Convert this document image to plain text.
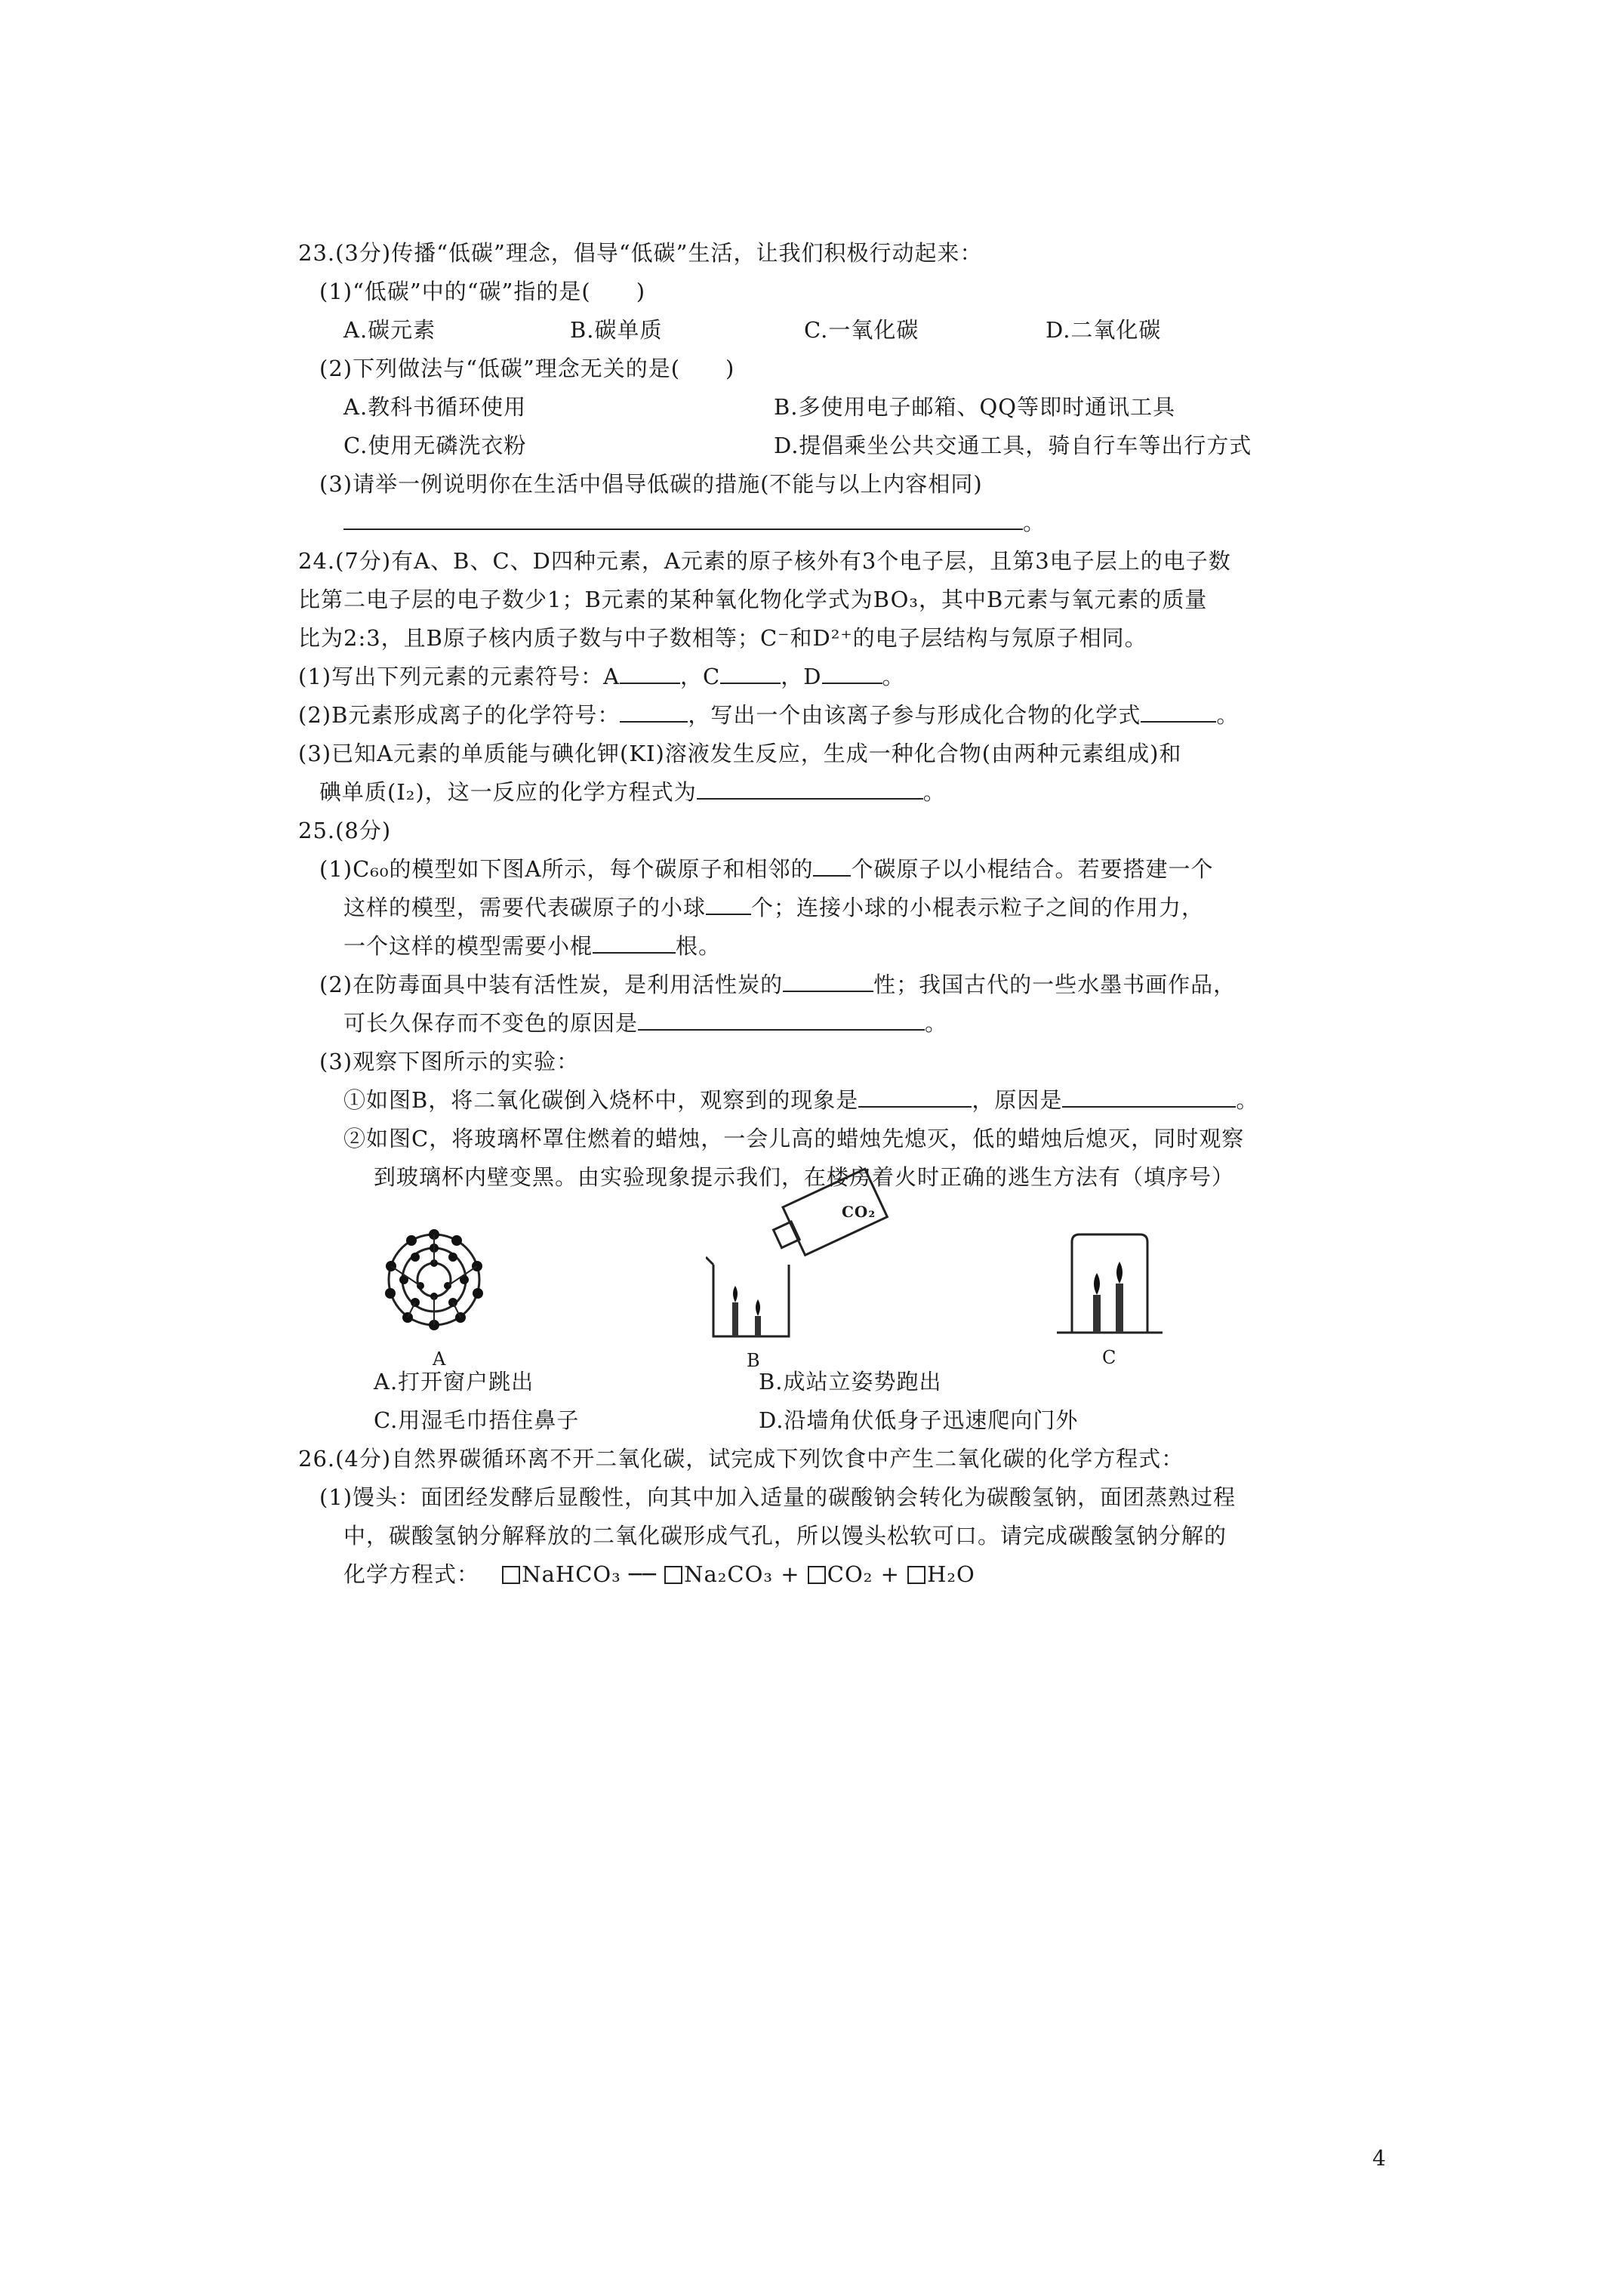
23.(3分)传播“低碳”理念，倡导“低碳”生活，让我们积极行动起来：
(1)“低碳”中的“碳”指的是(　　)
A.碳元素	B.碳单质	C.一氧化碳	D.二氧化碳
(2)下列做法与“低碳”理念无关的是(　　)
A.教科书循环使用	B.多使用电子邮箱、QQ等即时通讯工具
C.使用无磷洗衣粉	D.提倡乘坐公共交通工具，骑自行车等出行方式
(3)请举一例说明你在生活中倡导低碳的措施(不能与以上内容相同)
。
24.(7分)有A、B、C、D四种元素，A元素的原子核外有3个电子层，且第3电子层上的电子数
比第二电子层的电子数少1；B元素的某种氧化物化学式为BO₃，其中B元素与氧元素的质量
比为2:3，且B原子核内质子数与中子数相等；C⁻和D²⁺的电子层结构与氖原子相同。
(1)写出下列元素的元素符号：A	，C	，D	。
(2)B元素形成离子的化学符号：	，写出一个由该离子参与形成化合物的化学式	。
(3)已知A元素的单质能与碘化钾(KI)溶液发生反应，生成一种化合物(由两种元素组成)和
碘单质(I₂)，这一反应的化学方程式为	。
25.(8分)
(1)C₆₀的模型如下图A所示，每个碳原子和相邻的 个碳原子以小棍结合。若要搭建一个
这样的模型，需要代表碳原子的小球 个；连接小球的小棍表示粒子之间的作用力，
一个这样的模型需要小棍	根。
(2)在防毒面具中装有活性炭，是利用活性炭的	性；我国古代的一些水墨书画作品，
可长久保存而不变色的原因是	。
(3)观察下图所示的实验：
①如图B，将二氧化碳倒入烧杯中，观察到的现象是	，原因是	。
②如图C，将玻璃杯罩住燃着的蜡烛，一会儿高的蜡烛先熄灭，低的蜡烛后熄灭，同时观察
到玻璃杯内壁变黑。由实验现象提示我们，在楼房着火时正确的逃生方法有（填序号）
A
CO₂
B	C
A.打开窗户跳出	B.成站立姿势跑出
C.用湿毛巾捂住鼻子	D.沿墙角伏低身子迅速爬向门外
26.(4分)自然界碳循环离不开二氧化碳，试完成下列饮食中产生二氧化碳的化学方程式：
(1)馒头：面团经发酵后显酸性，向其中加入适量的碳酸钠会转化为碳酸氢钠，面团蒸熟过程
中，碳酸氢钠分解释放的二氧化碳形成气孔，所以馒头松软可口。请完成碳酸氢钠分解的
化学方程式： NaHCO₃ ── Na₂CO₃ + CO₂ + H₂O
4
